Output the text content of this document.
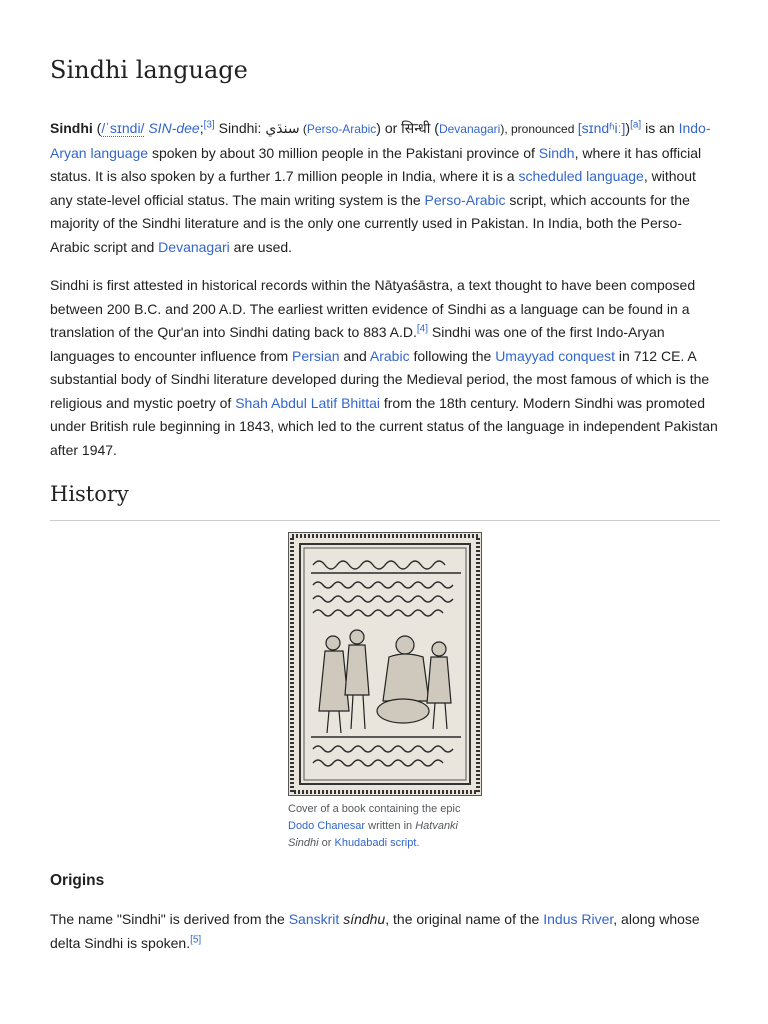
Sindhi language

Sindhi (/ˈsɪndi/ SIN-dee;[3] Sindhi: سنڌي (Perso-Arabic) or सिन्धी (Devanagari), pronounced [sɪndʱiː])[a] is an Indo-Aryan language spoken by about 30 million people in the Pakistani province of Sindh, where it has official status. It is also spoken by a further 1.7 million people in India, where it is a scheduled language, without any state-level official status. The main writing system is the Perso-Arabic script, which accounts for the majority of the Sindhi literature and is the only one currently used in Pakistan. In India, both the Perso-Arabic script and Devanagari are used.

Sindhi is first attested in historical records within the Nātyaśāstra, a text thought to have been composed between 200 B.C. and 200 A.D. The earliest written evidence of Sindhi as a language can be found in a translation of the Qur'an into Sindhi dating back to 883 A.D.[4] Sindhi was one of the first Indo-Aryan languages to encounter influence from Persian and Arabic following the Umayyad conquest in 712 CE. A substantial body of Sindhi literature developed during the Medieval period, the most famous of which is the religious and mystic poetry of Shah Abdul Latif Bhittai from the 18th century. Modern Sindhi was promoted under British rule beginning in 1843, which led to the current status of the language in independent Pakistan after 1947.

History
Cover of a book containing the epic Dodo Chanesar written in Hatvanki Sindhi or Khudabadi script.
Origins

The name "Sindhi" is derived from the Sanskrit síndhu, the original name of the Indus River, along whose delta Sindhi is spoken.[5]
